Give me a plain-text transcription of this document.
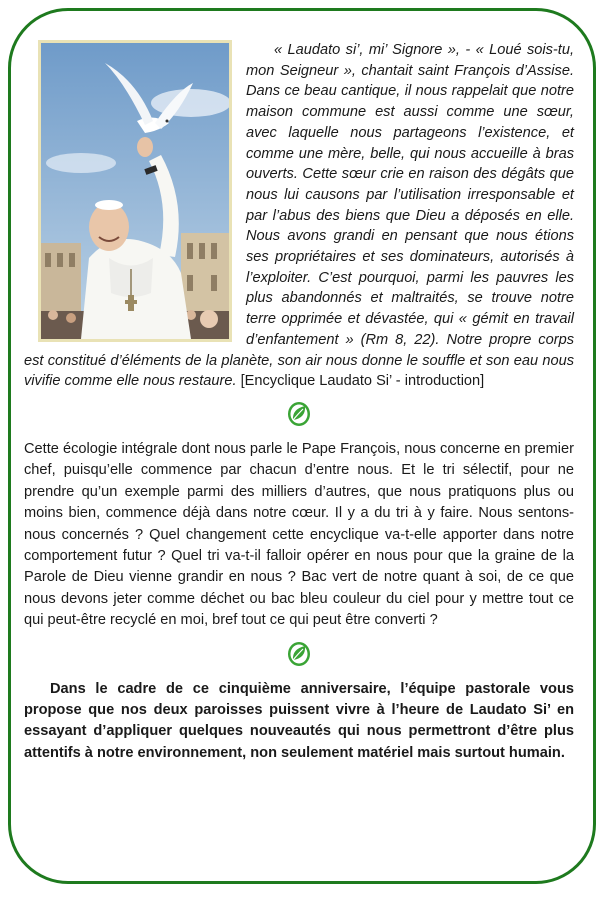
« Laudato si’, mi’ Signore », - « Loué sois-tu, mon Seigneur », chantait saint François d’Assise. Dans ce beau cantique, il nous rappelait que notre maison commune est aussi comme une sœur, avec laquelle nous partageons l’existence, et comme une mère, belle, qui nous accueille à bras ouverts. Cette sœur crie en raison des dégâts que nous lui causons par l’utilisation irresponsable et par l’abus des biens que Dieu a déposés en elle. Nous avons grandi en pensant que nous étions ses propriétaires et ses dominateurs, autorisés à l’exploiter. C’est pourquoi, parmi les pauvres les plus abandonnés et maltraités, se trouve notre terre opprimée et dévastée, qui « gémit en travail d’enfantement » (Rm 8, 22). Notre propre corps est constitué d’éléments de la planète, son air nous donne le souffle et son eau nous vivifie comme elle nous restaure. [Encyclique Laudato Si’ - introduction]

Cette écologie intégrale dont nous parle le Pape François, nous concerne en premier chef, puisqu’elle commence par chacun d’entre nous. Et le tri sélectif, pour ne prendre qu’un exemple parmi des milliers d’autres, que nous pratiquons plus ou moins bien, commence déjà dans notre cœur. Il y a du tri à y faire. Nous sentons-nous concernés ? Quel changement cette encyclique va-t-elle apporter dans notre comportement futur ? Quel tri va-t-il falloir opérer en nous pour que la graine de la Parole de Dieu vienne grandir en nous ? Bac vert de notre quant à soi, de ce que nous devons jeter comme déchet ou bac bleu couleur du ciel pour y mettre tout ce qui peut-être recyclé en moi, bref tout ce qui peut être converti ?

Dans le cadre de ce cinquième anniversaire, l’équipe pastorale vous propose que nos deux paroisses puissent vivre à l’heure de Laudato Si’ en essayant d’appliquer quelques nouveautés qui nous permettront d’être plus attentifs à notre environnement, non seulement matériel mais surtout humain.
